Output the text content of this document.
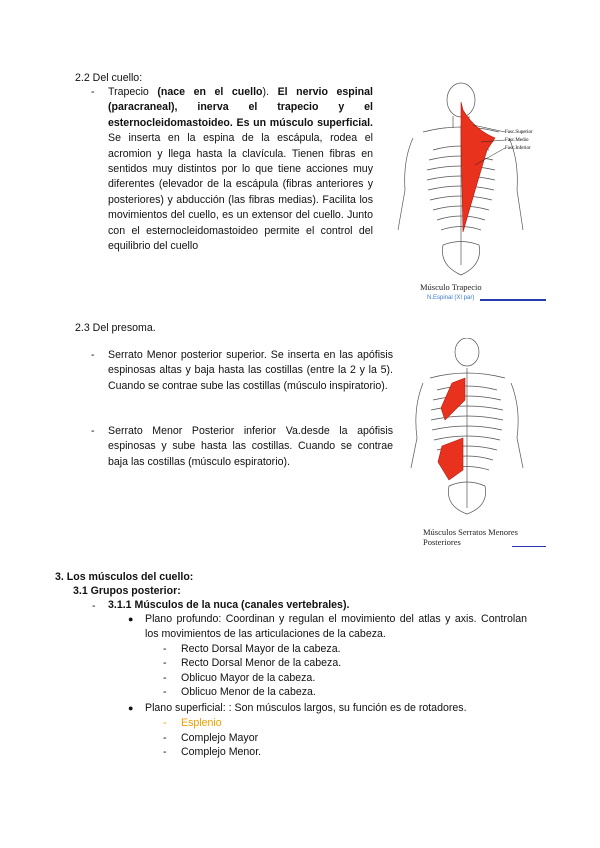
2.2 Del cuello:
- Trapecio (nace en el cuello). El nervio espinal (paracraneal), inerva el trapecio y el esternocleidomastoideo. Es un músculo superficial. Se inserta en la espina de la escápula, rodea el acromion y llega hasta la clavícula. Tienen fibras en sentidos muy distintos por lo que tiene acciones muy diferentes (elevador de la escápula (fibras anteriores y posteriores) y abducción (las fibras medias). Facilita los movimientos del cuello, es un extensor del cuello. Junto con el esternocleidomastoideo permite el control del equilibrio del cuello
Fasc.Superior
Fasc.Medio
Fasc.Inferior
Músculo Trapecio
N.Espinal (XI par)
2.3 Del presoma.
- Serrato Menor posterior superior. Se inserta en las apófisis espinosas altas y baja hasta las costillas (entre la 2 y la 5). Cuando se contrae sube las costillas (músculo inspiratorio).
- Serrato Menor Posterior inferior Va.desde la apófisis espinosas y sube hasta las costillas. Cuando se contrae baja las costillas (músculo espiratorio).
Músculos Serratos Menores
Posteriores
3. Los músculos del cuello:
3.1 Grupos posterior:
- 3.1.1 Músculos de la nuca (canales vertebrales).
● Plano profundo: Coordinan y regulan el movimiento del atlas y axis. Controlan los movimientos de las articulaciones de la cabeza.
- Recto Dorsal Mayor de la cabeza.
- Recto Dorsal Menor de la cabeza.
- Oblicuo Mayor de la cabeza.
- Oblicuo Menor de la cabeza.
● Plano superficial: : Son músculos largos, su función es de rotadores.
- Esplenio
- Complejo Mayor
- Complejo Menor.
